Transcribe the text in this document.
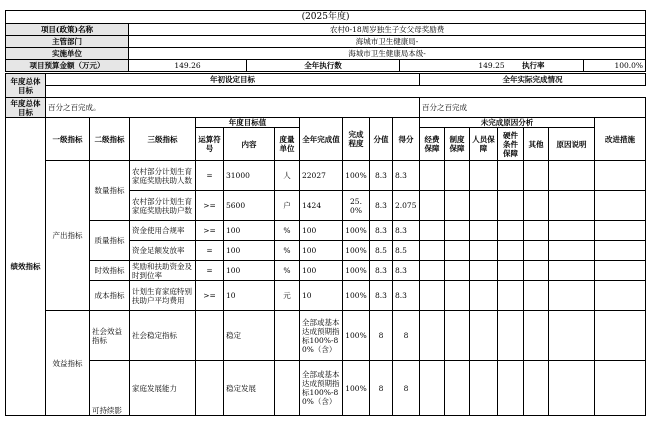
(2025年度)				
项目(政策)名称	农村0-18周岁独生子女父母奖励费			
主管部门	海城市卫生健康局-			
实施单位	海城市卫生健康局本级-			
项目预算金额（万元）	149.26	全年执行数	149.25	执行率 100.0%
年度总体目标	年初设定目标										全年实际完成情况						

年度总体目标	百分之百完成。										百分之百完成						
绩效指标	一级指标	二级指标	三级指标	年度目标值			全年完成值	完成程度	分值	得分	未完成原因分析						改进措施
				运算符号	内容	度量单位					经费保障	制度保障	人员保障	硬件条件保障	其他	原因说明	
	产出指标	数量指标	农村部分计划生育家庭奖励扶助人数	=	31000	人	22027	100%	8.3	8.3							
			农村部分计划生育家庭奖励扶助户数	>=	5600	户	1424	25.0%	8.3	2.075							
		质量指标	资金使用合规率	>=	100	%	100	100%	8.3	8.3							
			资金足额发放率	=	100	%	100	100%	8.5	8.5							
		时效指标	奖励和扶助资金及时到位率	=	100	%	100	100%	8.3	8.3							
		成本指标	计划生育家庭特别扶助户平均费用	>=	10	元	10	100%	8.3	8.3							
	效益指标	社会效益指标	社会稳定指标		稳定		全部或基本达成预期指标100%-80%（含）	100%	8	8							
		可持续影	家庭发展能力		稳定发展		全部或基本达成预期指标100%-80%（含）	100%	8	8							
